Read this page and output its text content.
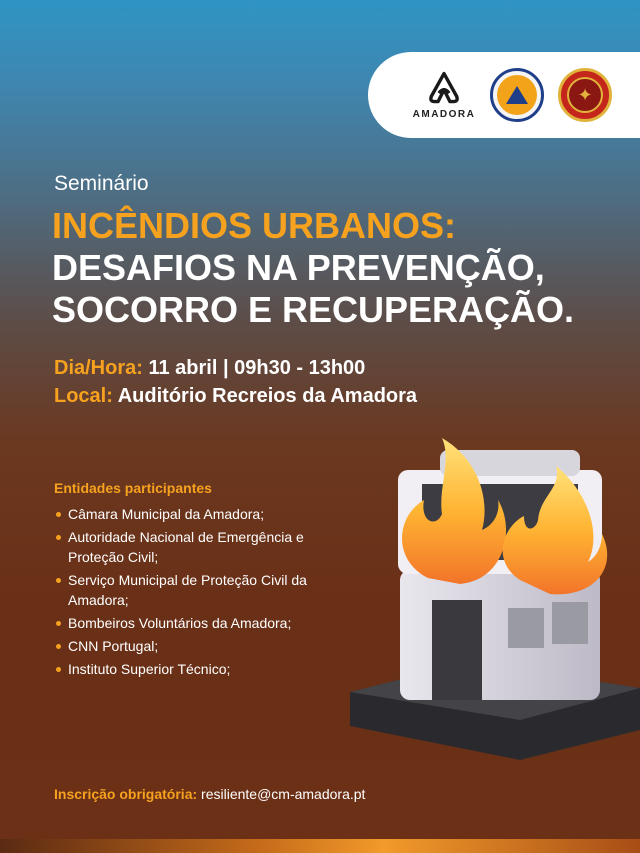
AMADORA
✦
Seminário
INCÊNDIOS URBANOS:
DESAFIOS NA PREVENÇÃO,
SOCORRO E RECUPERAÇÃO.
Dia/Hora: 11 abril | 09h30 - 13h00
Local: Auditório Recreios da Amadora
Entidades participantes
Câmara Municipal da Amadora;
Autoridade Nacional de Emergência e Proteção Civil;
Serviço Municipal de Proteção Civil da Amadora;
Bombeiros Voluntários da Amadora;
CNN Portugal;
Instituto Superior Técnico;
Inscrição obrigatória: resiliente@cm-amadora.pt
